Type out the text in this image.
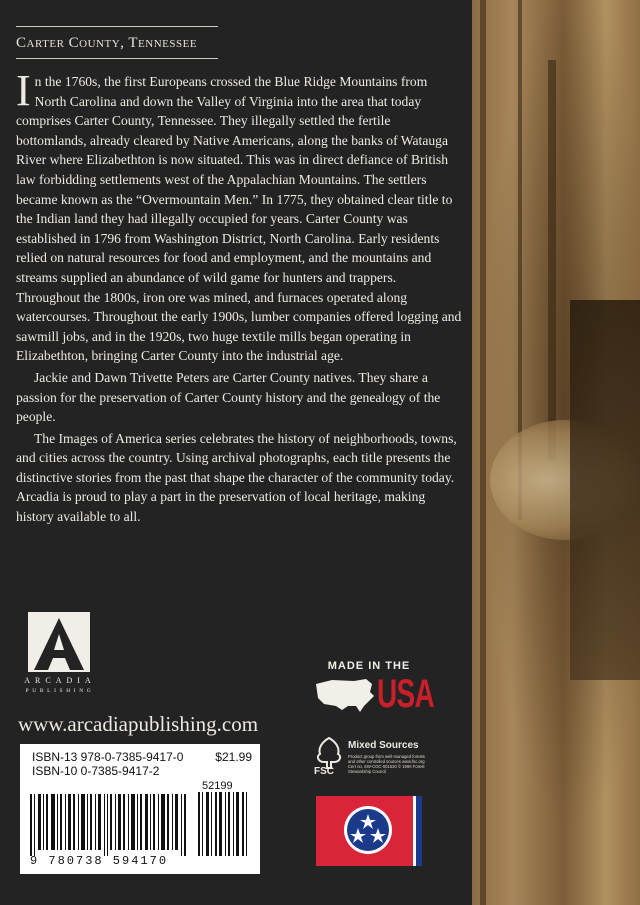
Carter County, Tennessee

In the 1760s, the first Europeans crossed the Blue Ridge Mountains from North Carolina and down the Valley of Virginia into the area that today comprises Carter County, Tennessee. They illegally settled the fertile bottomlands, already cleared by Native Americans, along the banks of Watauga River where Elizabethton is now situated. This was in direct defiance of British law forbidding settlements west of the Appalachian Mountains. The settlers became known as the “Overmountain Men.” In 1775, they obtained clear title to the Indian land they had illegally occupied for years. Carter County was established in 1796 from Washington District, North Carolina. Early residents relied on natural resources for food and employment, and the mountains and streams supplied an abundance of wild game for hunters and trappers. Throughout the 1800s, iron ore was mined, and furnaces operated along watercourses. Throughout the early 1900s, lumber companies offered logging and sawmill jobs, and in the 1920s, two huge textile mills began operating in Elizabethton, bringing Carter County into the industrial age.

Jackie and Dawn Trivette Peters are Carter County natives. They share a passion for the preservation of Carter County history and the genealogy of the people.

The Images of America series celebrates the history of neighborhoods, towns, and cities across the country. Using archival photographs, each title presents the distinctive stories from the past that shape the character of the community today. Arcadia is proud to play a part in the preservation of local heritage, making history available to all.

ARCADIA
PUBLISHING
www.arcadiapublishing.com
ISBN-13 978-0-7385-9417-0
ISBN-10 0-7385-9417-2
$21.99
52199
9 780738 594170
MADE IN THE
USA
FSC
Mixed Sources
Product group from well-managed forests and other controlled sources www.fsc.org Cert no. SW-COC-001530 © 1996 Forest Stewardship Council
